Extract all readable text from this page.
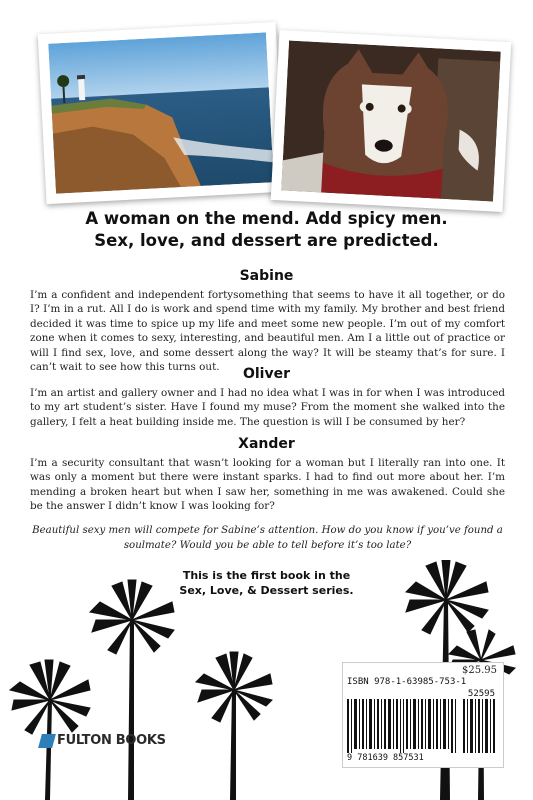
A woman on the mend. Add spicy men.
Sex, love, and dessert are predicted.
Sabine
I’m a confident and independent fortysomething that seems to have it all together, or do I? I’m in a rut. All I do is work and spend time with my family. My brother and best friend decided it was time to spice up my life and meet some new people. I’m out of my comfort zone when it comes to sexy, interesting, and beautiful men. Am I a little out of practice or will I find sex, love, and some dessert along the way? It will be steamy that’s for sure. I can’t wait to see how this turns out.	Oliver
I’m an artist and gallery owner and I had no idea what I was in for when I was introduced to my art student’s sister. Have I found my muse? From the moment she walked into the gallery, I felt a heat building inside me. The question is will I be consumed by her?
Xander
I’m a security consultant that wasn’t looking for a woman but I literally ran into one. It was only a moment but there were instant sparks. I had to find out more about her. I’m mending a broken heart but when I saw her, something in me was awakened. Could she be the answer I didn’t know I was looking for?
Beautiful sexy men will compete for Sabine’s attention. How do you know if you’ve found a soulmate? Would you be able to tell before it’s too late?
This is the first book in the
Sex, Love, & Dessert series.
FULTON BOOKS
$25.95
ISBN 978-1-63985-753-1
52595
9 781639 857531
